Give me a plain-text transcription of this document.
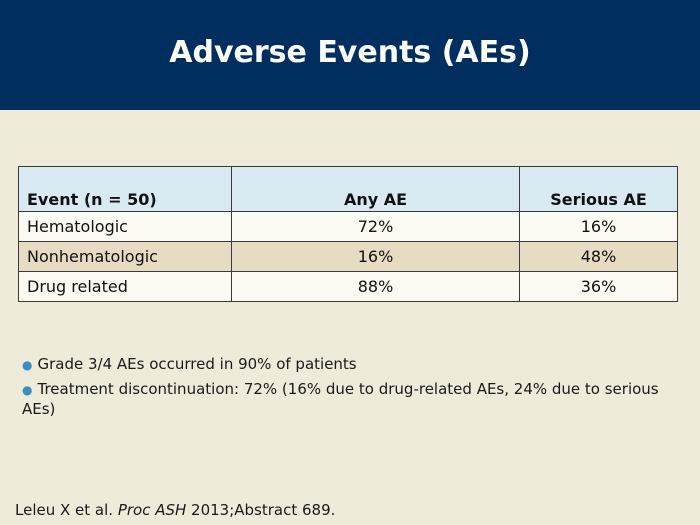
Adverse Events (AEs)
Event (n = 50)	Any AE	Serious AE
Hematologic	72%	16%
Nonhematologic	16%	48%
Drug related	88%	36%
● Grade 3/4 AEs occurred in 90% of patients
● Treatment discontinuation: 72% (16% due to drug-related AEs, 24% due to serious AEs)
Leleu X et al. Proc ASH 2013;Abstract 689.
